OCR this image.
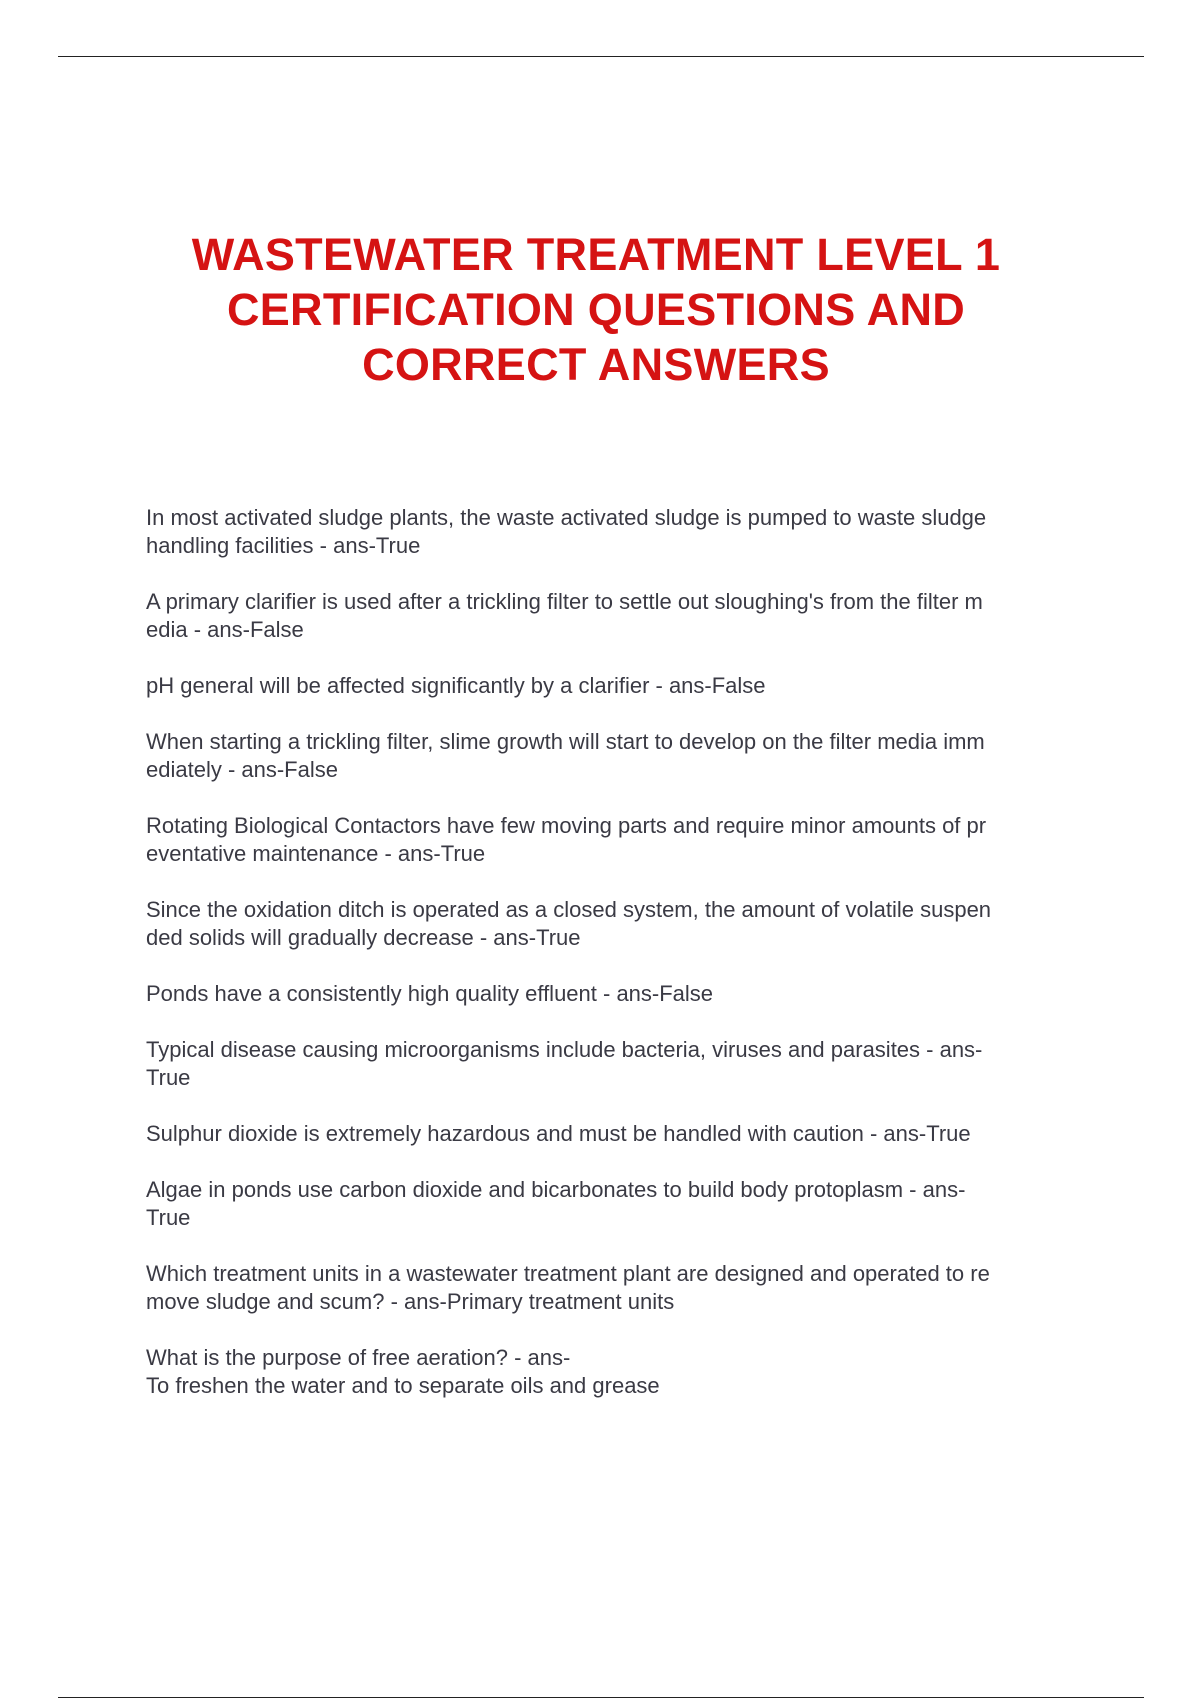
WASTEWATER TREATMENT LEVEL 1
CERTIFICATION QUESTIONS AND
CORRECT ANSWERS
In most activated sludge plants, the waste activated sludge is pumped to waste sludge
handling facilities - ans-True
A primary clarifier is used after a trickling filter to settle out sloughing's from the filter m
edia - ans-False
pH general will be affected significantly by a clarifier - ans-False
When starting a trickling filter, slime growth will start to develop on the filter media imm
ediately - ans-False
Rotating Biological Contactors have few moving parts and require minor amounts of pr
eventative maintenance - ans-True
Since the oxidation ditch is operated as a closed system, the amount of volatile suspen
ded solids will gradually decrease - ans-True
Ponds have a consistently high quality effluent - ans-False
Typical disease causing microorganisms include bacteria, viruses and parasites - ans-
True
Sulphur dioxide is extremely hazardous and must be handled with caution - ans-True
Algae in ponds use carbon dioxide and bicarbonates to build body protoplasm - ans-
True
Which treatment units in a wastewater treatment plant are designed and operated to re
move sludge and scum? - ans-Primary treatment units
What is the purpose of free aeration? - ans-
To freshen the water and to separate oils and grease
